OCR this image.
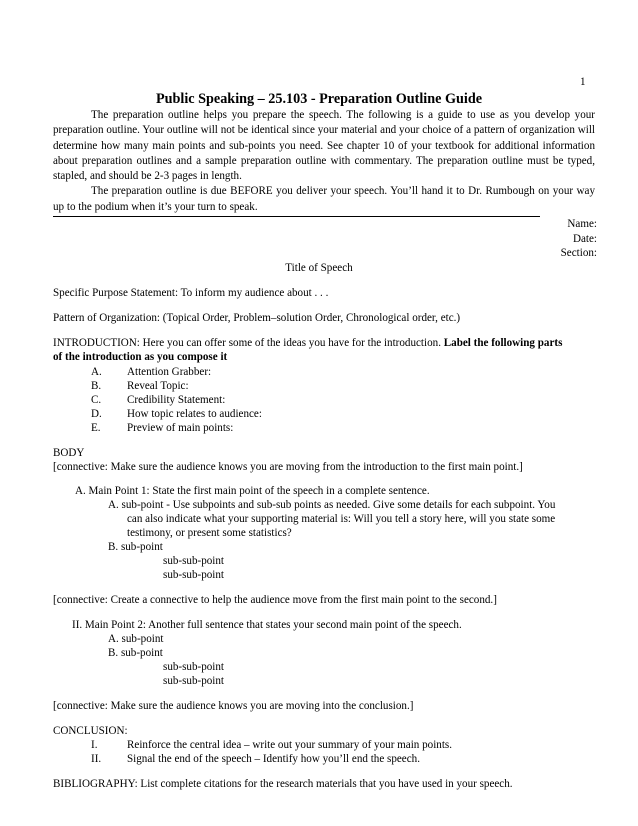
1
Public Speaking – 25.103 - Preparation Outline Guide

The preparation outline helps you prepare the speech. The following is a guide to use as you develop your preparation outline. Your outline will not be identical since your material and your choice of a pattern of organization will determine how many main points and sub-points you need. See chapter 10 of your textbook for additional information about preparation outlines and a sample preparation outline with commentary. The preparation outline must be typed, stapled, and should be 2-3 pages in length.

The preparation outline is due BEFORE you deliver your speech. You’ll hand it to Dr. Rumbough on your way up to the podium when it’s your turn to speak.

Name:
Date:
Section:
Title of Speech
Specific Purpose Statement: To inform my audience about . . .
Pattern of Organization: (Topical Order, Problem–solution Order, Chronological order, etc.)
INTRODUCTION: Here you can offer some of the ideas you have for the introduction. Label the following parts
of the introduction as you compose it
A. Attention Grabber:
B. Reveal Topic:
C. Credibility Statement:
D. How topic relates to audience:
E. Preview of main points:
BODY
[connective: Make sure the audience knows you are moving from the introduction to the first main point.]
A. Main Point 1: State the first main point of the speech in a complete sentence.
A. sub-point - Use subpoints and sub-sub points as needed. Give some details for each subpoint. You
can also indicate what your supporting material is: Will you tell a story here, will you state some
testimony, or present some statistics?
B. sub-point
sub-sub-point
sub-sub-point
[connective: Create a connective to help the audience move from the first main point to the second.]
II. Main Point 2: Another full sentence that states your second main point of the speech.
A. sub-point
B. sub-point
sub-sub-point
sub-sub-point
[connective: Make sure the audience knows you are moving into the conclusion.]
CONCLUSION:
I.	Reinforce the central idea – write out your summary of your main points.
II. Signal the end of the speech – Identify how you’ll end the speech.
BIBLIOGRAPHY: List complete citations for the research materials that you have used in your speech.
